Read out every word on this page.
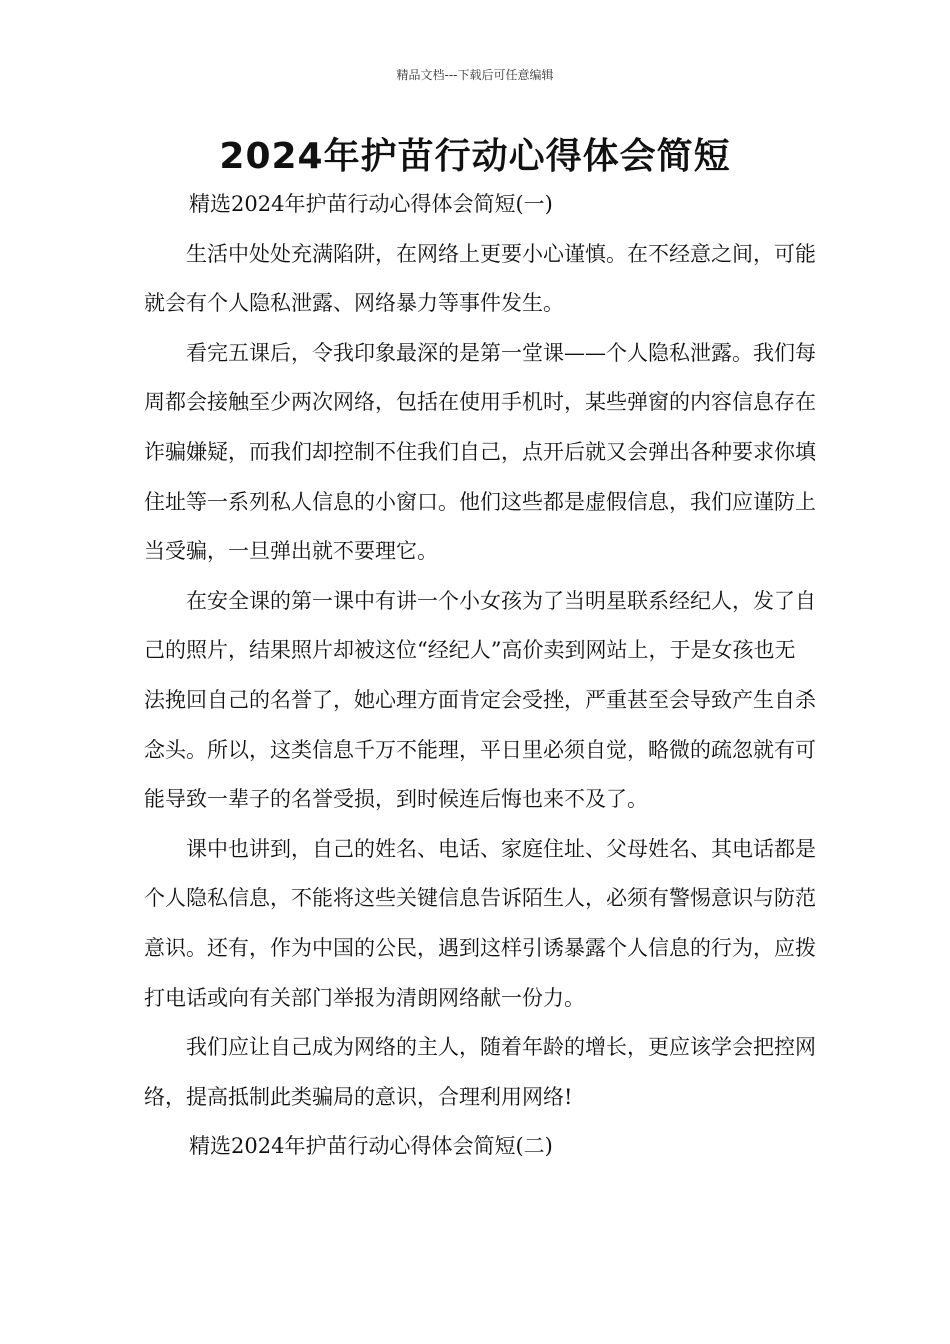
精品文档---下载后可任意编辑
2024年护苗行动心得体会简短

精选2024年护苗行动心得体会简短(一)

生活中处处充满陷阱，在网络上更要小心谨慎。在不经意之间，可能就会有个人隐私泄露、网络暴力等事件发生。

看完五课后，令我印象最深的是第一堂课——个人隐私泄露。我们每周都会接触至少两次网络，包括在使用手机时，某些弹窗的内容信息存在诈骗嫌疑，而我们却控制不住我们自己，点开后就又会弹出各种要求你填住址等一系列私人信息的小窗口。他们这些都是虚假信息，我们应谨防上当受骗，一旦弹出就不要理它。

在安全课的第一课中有讲一个小女孩为了当明星联系经纪人，发了自己的照片，结果照片却被这位“经纪人”高价卖到网站上，于是女孩也无法挽回自己的名誉了，她心理方面肯定会受挫，严重甚至会导致产生自杀念头。所以，这类信息千万不能理，平日里必须自觉，略微的疏忽就有可能导致一辈子的名誉受损，到时候连后悔也来不及了。

课中也讲到，自己的姓名、电话、家庭住址、父母姓名、其电话都是个人隐私信息，不能将这些关键信息告诉陌生人，必须有警惕意识与防范意识。还有，作为中国的公民，遇到这样引诱暴露个人信息的行为，应拨打电话或向有关部门举报为清朗网络献一份力。

我们应让自己成为网络的主人，随着年龄的增长，更应该学会把控网络，提高抵制此类骗局的意识，合理利用网络!

精选2024年护苗行动心得体会简短(二)
